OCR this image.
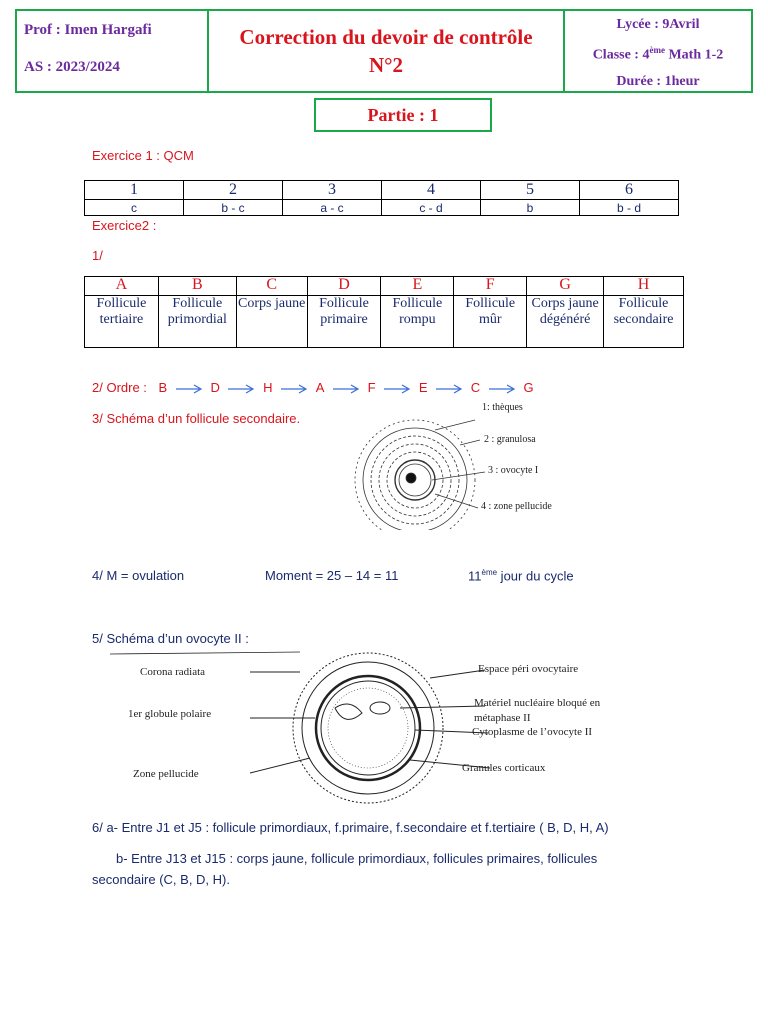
Prof : Imen Hargafi
AS : 2023/2024
Correction du devoir de contrôle
N°2
Lycée : 9Avril
Classe : 4ème Math 1-2
Durée : 1heur
Partie : 1
Exercice 1 : QCM
1	2	3	4	5	6
c	b - c	a - c	c - d	b	b - d
Exercice2 :
1/
A	B	C	D	E	F	G	H
Follicule tertiaire	Follicule primordial	Corps jaune	Follicule primaire	Follicule rompu	Follicule mûr	Corps jaune dégénéré	Follicule secondaire
2/ Ordre : B	D	H	A	F	E	C	G
3/ Schéma d’un follicule secondaire.
1: thèques
2 : granulosa
3 : ovocyte I
4 : zone pellucide
4/ M = ovulation	Moment = 25 – 14 = 11	11ème jour du cycle
5/ Schéma d’un ovocyte II :
Corona radiata
1er globule polaire
Zone pellucide
Espace péri ovocytaire
Matériel nucléaire bloqué en
métaphase II
Cytoplasme de l’ovocyte II
Granules corticaux
6/ a- Entre J1 et J5 : follicule primordiaux, f.primaire, f.secondaire et f.tertiaire ( B, D, H, A)
b- Entre J13 et J15 : corps jaune, follicule primordiaux, follicules primaires, follicules
secondaire (C, B, D, H).
